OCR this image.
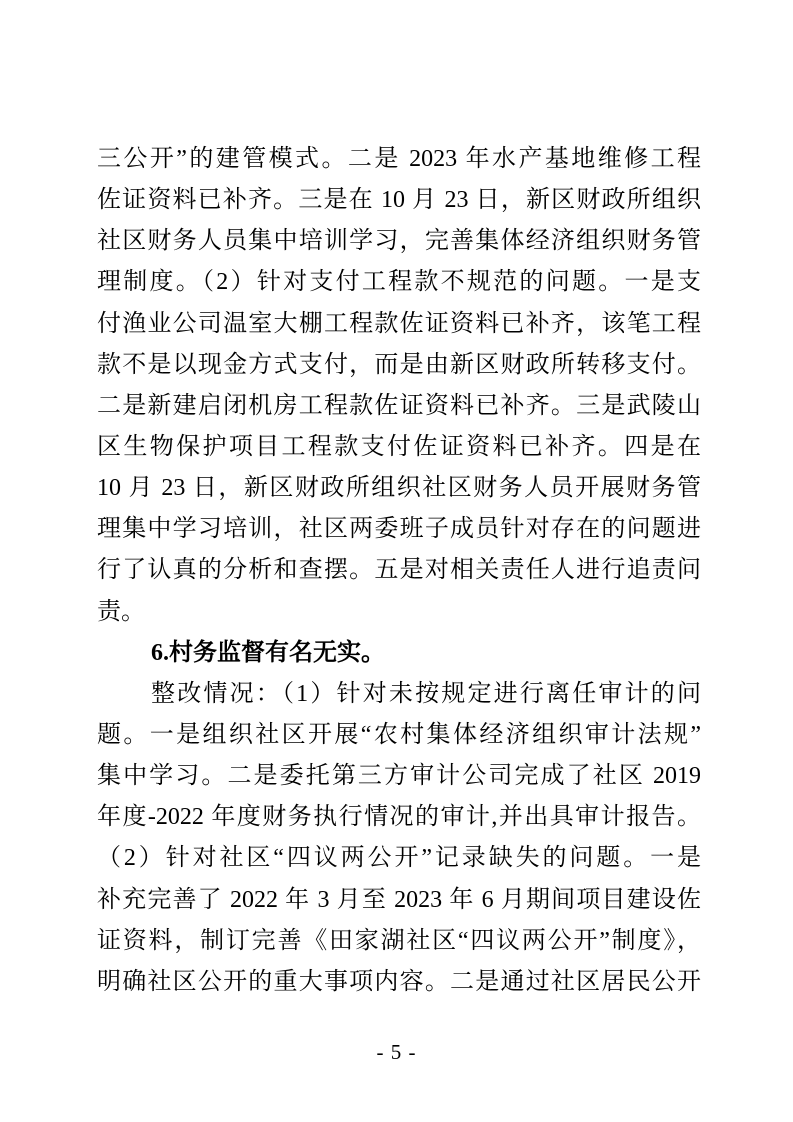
三公开”的建管模式。二是 2023 年水产基地维修工程
佐证资料已补齐。三是在 10 月 23 日，新区财政所组织
社区财务人员集中培训学习，完善集体经济组织财务管
理制度。（2）针对支付工程款不规范的问题。一是支
付渔业公司温室大棚工程款佐证资料已补齐，该笔工程
款不是以现金方式支付，而是由新区财政所转移支付。
二是新建启闭机房工程款佐证资料已补齐。三是武陵山
区生物保护项目工程款支付佐证资料已补齐。四是在
10 月 23 日，新区财政所组织社区财务人员开展财务管
理集中学习培训，社区两委班子成员针对存在的问题进
行了认真的分析和查摆。五是对相关责任人进行追责问
责。
6.村务监督有名无实。
整改情况：（1）针对未按规定进行离任审计的问
题。一是组织社区开展“农村集体经济组织审计法规”
集中学习。二是委托第三方审计公司完成了社区 2019
年度-2022 年度财务执行情况的审计,并出具审计报告。
（2）针对社区“四议两公开”记录缺失的问题。一是
补充完善了 2022 年 3 月至 2023 年 6 月期间项目建设佐
证资料，制订完善《田家湖社区“四议两公开”制度》，
明确社区公开的重大事项内容。二是通过社区居民公开
- 5 -
